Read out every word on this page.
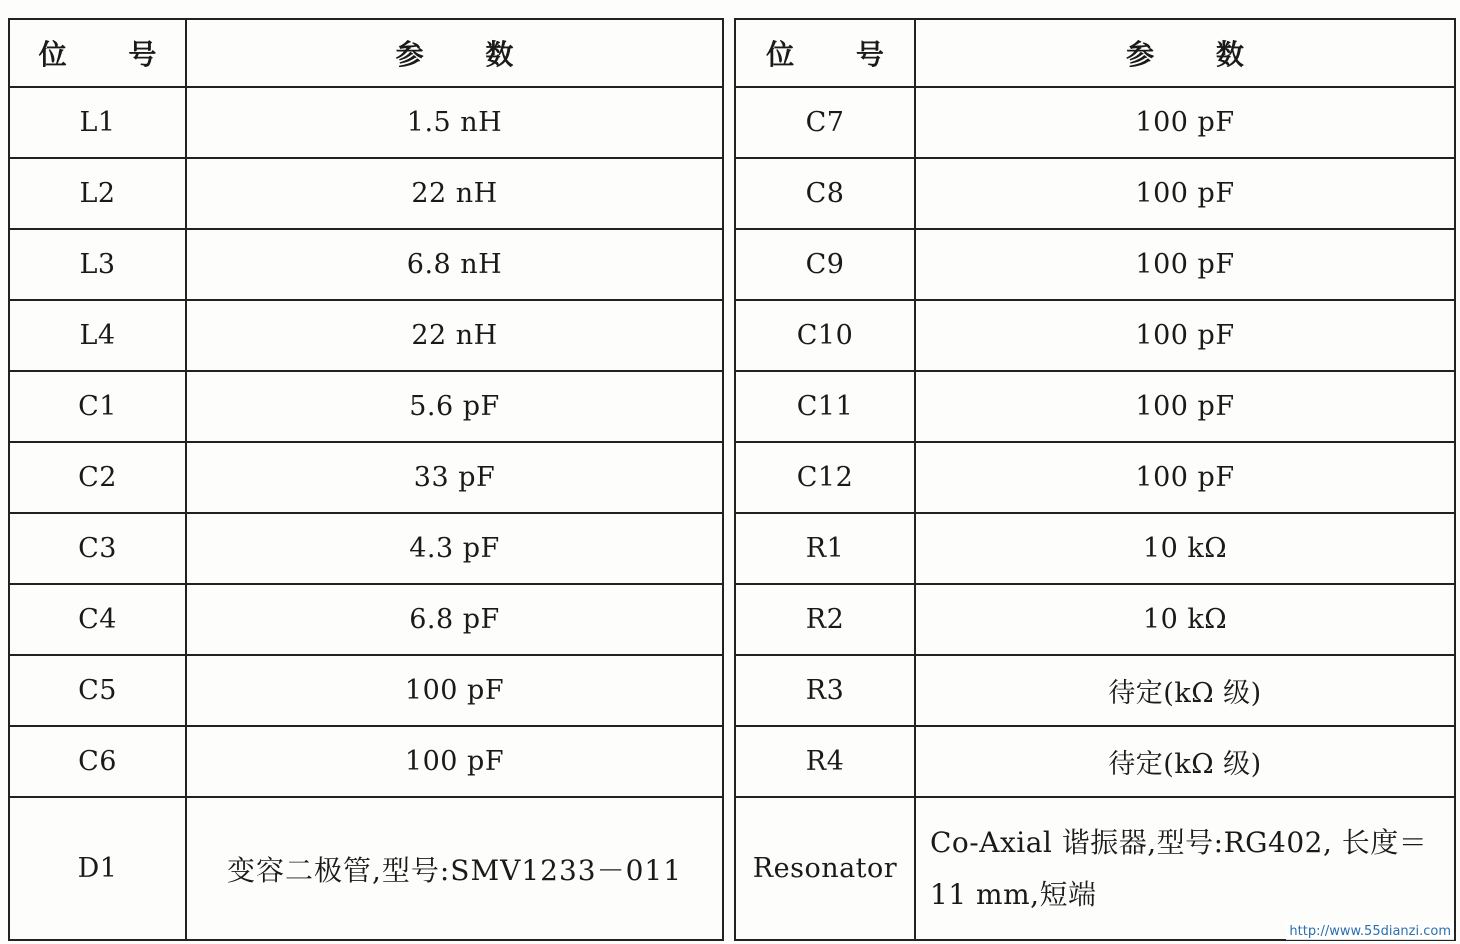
位 号	参 数		位 号	参 数
L1	1.5 nH		C7	100 pF
L2	22 nH		C8	100 pF
L3	6.8 nH		C9	100 pF
L4	22 nH		C10	100 pF
C1	5.6 pF		C11	100 pF
C2	33 pF		C12	100 pF
C3	4.3 pF		R1	10 kΩ
C4	6.8 pF		R2	10 kΩ
C5	100 pF		R3	待定(kΩ 级)
C6	100 pF		R4	待定(kΩ 级)
D1	变容二极管,型号:SMV1233－011		Resonator	Co-Axial 谐振器,型号:RG402, 长度＝ 11 mm,短端
http://www.55dianzi.com
